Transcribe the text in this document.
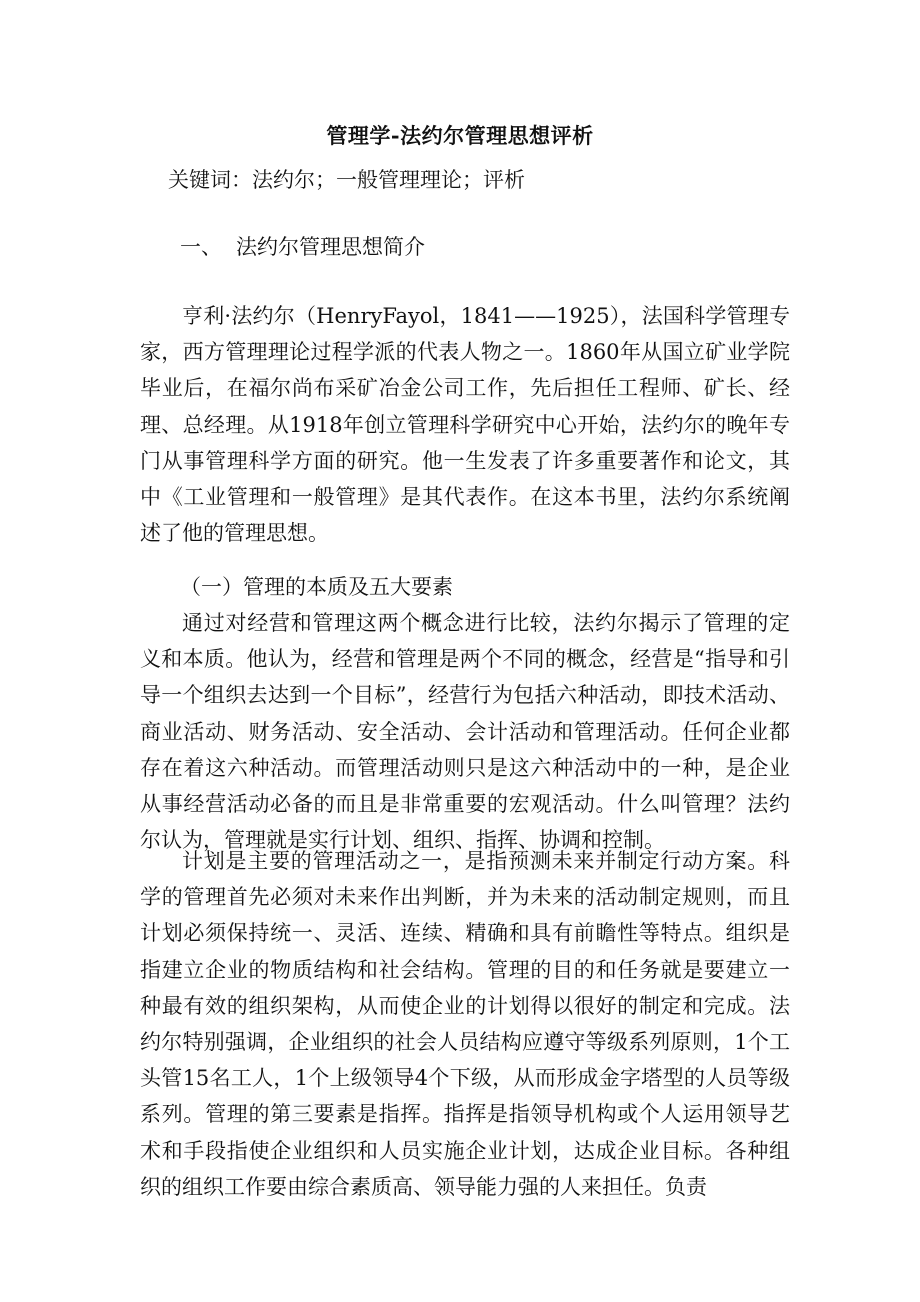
管理学-法约尔管理思想评析
关键词：法约尔；一般管理理论；评析
一、 法约尔管理思想简介

亨利·法约尔（HenryFayol，1841——1925），法国科学管理专家，西方管理理论过程学派的代表人物之一。1860年从国立矿业学院毕业后，在福尔尚布采矿冶金公司工作，先后担任工程师、矿长、经理、总经理。从1918年创立管理科学研究中心开始，法约尔的晚年专门从事管理科学方面的研究。他一生发表了许多重要著作和论文，其中《工业管理和一般管理》是其代表作。在这本书里，法约尔系统阐述了他的管理思想。

（一）管理的本质及五大要素

通过对经营和管理这两个概念进行比较，法约尔揭示了管理的定义和本质。他认为，经营和管理是两个不同的概念，经营是“指导和引导一个组织去达到一个目标”，经营行为包括六种活动，即技术活动、商业活动、财务活动、安全活动、会计活动和管理活动。任何企业都存在着这六种活动。而管理活动则只是这六种活动中的一种，是企业从事经营活动必备的而且是非常重要的宏观活动。什么叫管理？法约尔认为，管理就是实行计划、组织、指挥、协调和控制。

计划是主要的管理活动之一，是指预测未来并制定行动方案。科学的管理首先必须对未来作出判断，并为未来的活动制定规则，而且计划必须保持统一、灵活、连续、精确和具有前瞻性等特点。组织是指建立企业的物质结构和社会结构。管理的目的和任务就是要建立一种最有效的组织架构，从而使企业的计划得以很好的制定和完成。法约尔特别强调，企业组织的社会人员结构应遵守等级系列原则，1个工头管15名工人，1个上级领导4个下级，从而形成金字塔型的人员等级系列。管理的第三要素是指挥。指挥是指领导机构或个人运用领导艺术和手段指使企业组织和人员实施企业计划，达成企业目标。各种组织的组织工作要由综合素质高、领导能力强的人来担任。负责
